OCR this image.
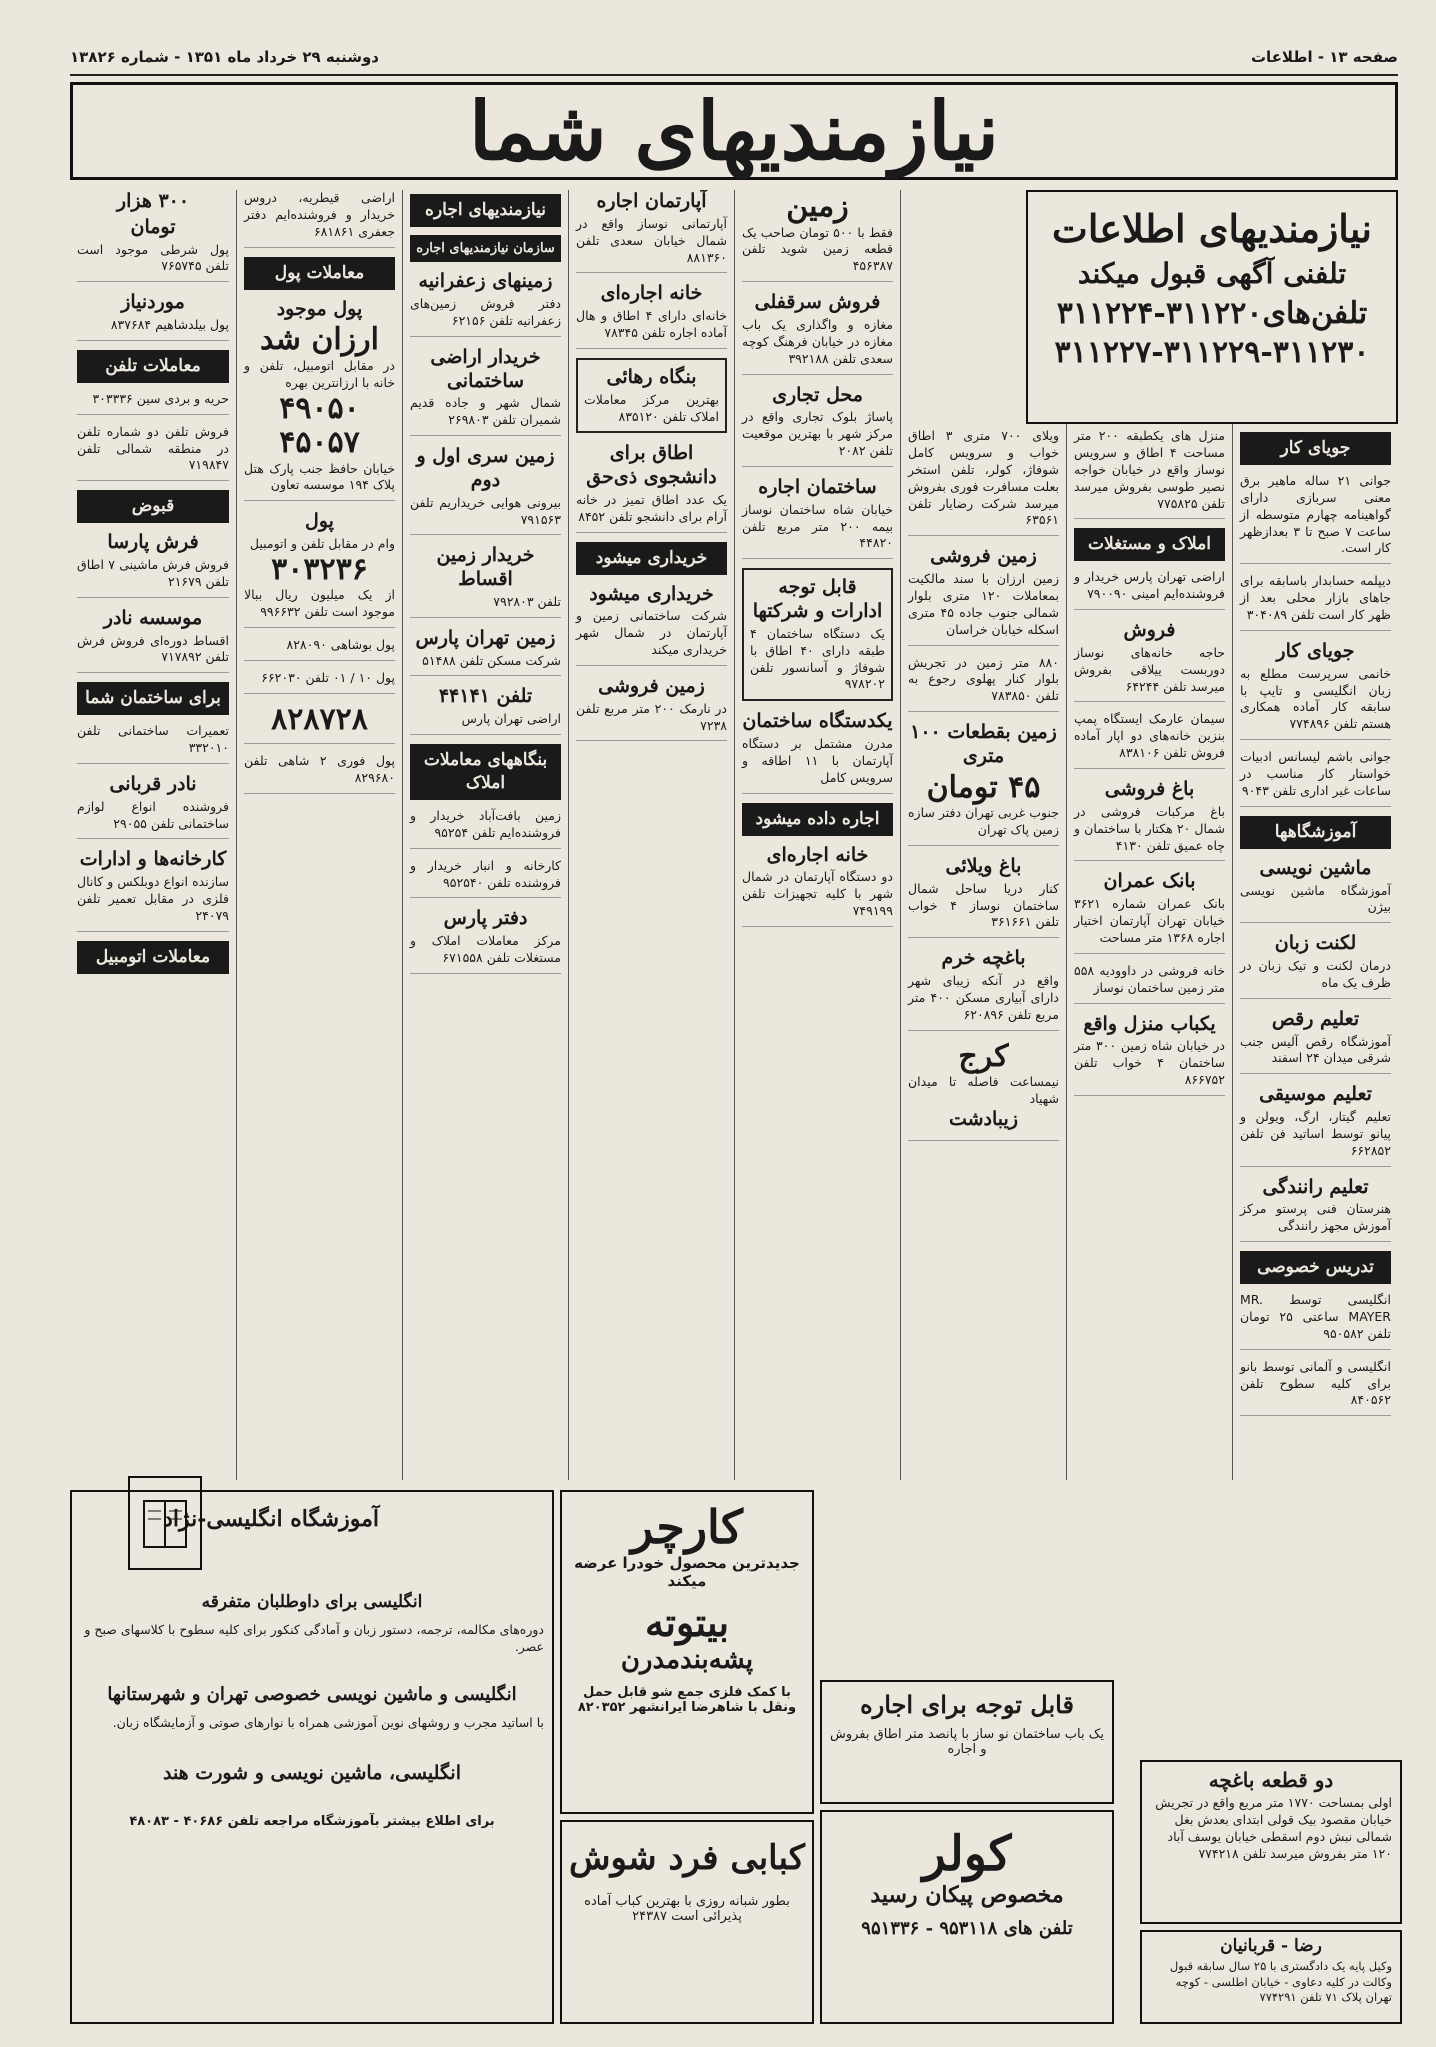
صفحه ۱۳ - اطلاعات
دوشنبه ۲۹ خرداد ماه ۱۳۵۱ - شماره ۱۳۸۲۶
نیازمندیهای شما
جویای کار
جوانی ۲۱ ساله ماهیر برق معنی سربازی دارای گواهینامه چهارم متوسطه از ساعت ۷ صبح تا ۳ بعدازظهر کار است.
دیپلمه حسابدار باسابقه برای جاهای بازار محلی بعد از ظهر کار است تلفن ۳۰۴۰۸۹
جویای کار
خانمی سرپرست مطلع به زبان انگلیسی و تایپ با سابقه کار آماده همکاری هستم تلفن ۷۷۴۸۹۶
جوانی باشم لیسانس ادبیات خواستار کار مناسب در ساعات غیر اداری تلفن ۹۰۴۳
آموزشگاهها
ماشین نویسی
آموزشگاه ماشین نویسی بیژن
لکنت زبان
درمان لکنت و تیک زبان در ظرف یک ماه
تعلیم رقص
آموزشگاه رقص آلیس جنب شرقی میدان ۲۴ اسفند
تعلیم موسیقی
تعلیم گیتار، ارگ، ویولن و پیانو توسط اساتید فن تلفن ۶۶۲۸۵۲
تعلیم رانندگی
هنرستان فنی پرستو مرکز آموزش مجهز رانندگی
تدریس خصوصی
انگلیسی توسط MR. MAYER ساعتی ۲۵ تومان تلفن ۹۵۰۵۸۲
انگلیسی و آلمانی توسط بانو برای کلیه سطوح تلفن ۸۴۰۵۶۲
منزل های یکطبقه ۲۰۰ متر مساحت ۴ اطاق و سرویس نوساز واقع در خیابان خواجه نصیر طوسی بفروش میرسد تلفن ۷۷۵۸۲۵
املاک و مستغلات
اراضی تهران پارس خریدار و فروشنده‌ایم امینی ۷۹۰۰۹۰
فروش
حاجه خانه‌های نوساز دوربست ییلاقی بفروش میرسد تلفن ۶۴۲۴۴
سیمان عارمک ایستگاه پمپ بنزین خانه‌های دو اپار آماده فروش تلفن ۸۳۸۱۰۶
باغ فروشی
باغ مرکبات فروشی در شمال ۲۰ هکتار با ساختمان و چاه عمیق تلفن ۴۱۳۰
بانک عمران
بانک عمران شماره ۳۶۲۱ خیابان تهران آپارتمان اختیار اجاره ۱۳۶۸ متر مساحت
خانه فروشی در داوودیه ۵۵۸ متر زمین ساختمان نوساز
یکباب منزل واقع
در خیابان شاه زمین ۳۰۰ متر ساختمان ۴ خواب تلفن ۸۶۶۷۵۲
ویلای ۷۰۰ متری ۳ اطاق خواب و سرویس کامل شوفاژ، کولر، تلفن استخر بعلت مسافرت فوری بفروش میرسد شرکت رضایار تلفن ۶۳۵۶۱
زمین فروشی
زمین ارزان با سند مالکیت بمعاملات ۱۲۰ متری بلوار شمالی جنوب جاده ۴۵ متری اسکله خیابان خراسان
۸۸۰ متر زمین در تجریش بلوار کنار پهلوی رجوع به تلفن ۷۸۳۸۵۰
زمین بقطعات ۱۰۰ متری
۴۵ تومان
جنوب غربی تهران دفتر سازه زمین پاک تهران
باغ ویلائی
کنار دریا ساحل شمال ساختمان نوساز ۴ خواب تلفن ۳۶۱۶۶۱
باغچه خرم
واقع در آنکه زیبای شهر دارای آبیاری مسکن ۴۰۰ متر مربع تلفن ۶۲۰۸۹۶
کرج
نیمساعت فاصله تا میدان شهیاد
زیبادشت
زمین
فقط با ۵۰۰ تومان صاحب یک قطعه زمین شوید تلفن ۴۵۶۳۸۷
فروش سرقفلی
مغازه و واگذاری یک باب مغازه در خیابان فرهنگ کوچه سعدی تلفن ۳۹۲۱۸۸
محل تجاری
پاساژ بلوک تجاری واقع در مرکز شهر با بهترین موقعیت تلفن ۲۰۸۲
ساختمان اجاره
خیابان شاه ساختمان نوساز بیمه ۲۰۰ متر مربع تلفن ۴۴۸۲۰
قابل توجه ادارات و شرکتها
یک دستگاه ساختمان ۴ طبقه دارای ۴۰ اطاق با شوفاژ و آسانسور تلفن ۹۷۸۲۰۲
یکدستگاه ساختمان
مدرن مشتمل بر دستگاه آپارتمان با ۱۱ اطاقه و سرویس کامل
اجاره داده میشود
خانه اجاره‌ای
دو دستگاه آپارتمان در شمال شهر با کلیه تجهیزات تلفن ۷۴۹۱۹۹
آپارتمان اجاره
آپارتمانی نوساز واقع در شمال خیابان سعدی تلفن ۸۸۱۳۶۰
خانه اجاره‌ای
خانه‌ای دارای ۴ اطاق و هال آماده اجاره تلفن ۷۸۳۴۵
بنگاه رهائی
بهترین مرکز معاملات املاک تلفن ۸۳۵۱۲۰
اطاق برای دانشجوی ذی‌حق
یک عدد اطاق تمیز در خانه آرام برای دانشجو تلفن ۸۴۵۲
خریداری میشود
خریداری میشود
شرکت ساختمانی زمین و آپارتمان در شمال شهر خریداری میکند
زمین فروشی
در نارمک ۲۰۰ متر مربع تلفن ۷۲۳۸
نیازمندیهای اجاره
سازمان نیازمندیهای اجاره
زمینهای زعفرانیه
دفتر فروش زمین‌های زعفرانیه تلفن ۶۲۱۵۶
خریدار اراضی ساختمانی
شمال شهر و جاده قدیم شمیران تلفن ۲۶۹۸۰۳
زمین سری اول و دوم
بیرونی هوایی خریداریم تلفن ۷۹۱۵۶۳
خریدار زمین اقساط
تلفن ۷۹۲۸۰۳
زمین تهران پارس
شرکت مسکن تلفن ۵۱۴۸۸
تلفن ۴۴۱۴۱
اراضی تهران پارس
بنگاههای معاملات املاک
زمین بافت‌آباد خریدار و فروشنده‌ایم تلفن ۹۵۲۵۴
کارخانه و انبار خریدار و فروشنده تلفن ۹۵۲۵۴۰
دفتر پارس
مرکز معاملات املاک و مستغلات تلفن ۶۷۱۵۵۸
اراضی قیطریه، دروس خریدار و فروشنده‌ایم دفتر جعفری ۶۸۱۸۶۱
معاملات پول
پول موجود
ارزان شد
در مقابل اتومبیل، تلفن و خانه با ارزانترین بهره
۴۹۰۵۰
۴۵۰۵۷
خیابان حافظ جنب پارک هتل پلاک ۱۹۴ موسسه تعاون
پول
وام در مقابل تلفن و اتومبیل
۳۰۳۲۳۶
از یک میلیون ریال ببالا موجود است تلفن ۹۹۶۶۳۲
پول بوشاهی ۸۲۸۰۹۰
پول ۱۰ / ۰۱ تلفن ۶۶۲۰۳۰
۸۲۸۷۲۸
پول فوری ۲ شاهی تلفن ۸۲۹۶۸۰
۳۰۰ هزار
تومان
پول شرطی موجود است تلفن ۷۶۵۷۴۵
موردنیاز
پول بیلدشاهیم ۸۳۷۶۸۴
معاملات تلفن
حریه و بردی سین ۳۰۳۳۳۶
فروش تلفن دو شماره تلفن در منطقه شمالی تلفن ۷۱۹۸۴۷
قبوض
فرش پارسا
فروش فرش ماشینی ۷ اطاق تلفن ۲۱۶۷۹
موسسه نادر
اقساط دوره‌ای فروش فرش تلفن ۷۱۷۸۹۲
برای ساختمان شما
تعمیرات ساختمانی تلفن ۳۳۲۰۱۰
نادر قربانی
فروشنده انواع لوازم ساختمانی تلفن ۲۹۰۵۵
کارخانه‌ها و ادارات
سازنده انواع دوبلکس و کانال فلزی در مقابل تعمیر تلفن ۲۴۰۷۹
معاملات اتومبیل
نیازمندیهای اطلاعات
تلفنی آگهی قبول میکند
تلفن‌های۳۱۱۲۲۰-۳۱۱۲۲۴
۳۱۱۲۲۷-۳۱۱۲۲۹-۳۱۱۲۳۰
آموزشگاه انگلیسی-نژاد
انگلیسی برای داوطلبان متفرقه

دوره‌های مکالمه، ترجمه، دستور زبان و آمادگی کنکور برای کلیه سطوح با کلاسهای صبح و عصر.

انگلیسی و ماشین نویسی خصوصی تهران و شهرستانها

با اساتید مجرب و روشهای نوین آموزشی همراه با نوارهای صوتی و آزمایشگاه زبان.

انگلیسی، ماشین نویسی و شورت هند
برای اطلاع بیشتر بآموزشگاه مراجعه تلفن ۴۰۶۸۶ - ۴۸۰۸۳
کارچر
جدیدترین محصول خودرا عرضه میکند
بیتوته
پشه‌بندمدرن
با کمک فلزی جمع شو قابل حمل ونقل با شاهرضا ایرانشهر ۸۲۰۳۵۲
کبابی فرد شوش
بطور شبانه روزی با بهترین کباب آماده پذیرائی است ۲۴۳۸۷
قابل توجه برای اجاره
یک باب ساختمان نو ساز با پانصد متر اطاق بفروش و اجاره
کولر
مخصوص پیکان رسید
تلفن های ۹۵۳۱۱۸ - ۹۵۱۳۳۶
دو قطعه باغچه

اولی بمساحت ۱۷۷۰ متر مربع واقع در تجریش خیابان مقصود بیک قولی ابتدای بعدش بغل شمالی نبش دوم اسقطی خیابان یوسف آباد ۱۲۰ متر بفروش میرسد تلفن ۷۷۴۲۱۸

رضا - قربانیان

وکیل پایه یک دادگستری با ۲۵ سال سابقه قبول وکالت در کلیه دعاوی - خیابان اطلسی - کوچه تهران پلاک ۷۱ تلفن ۷۷۴۲۹۱
